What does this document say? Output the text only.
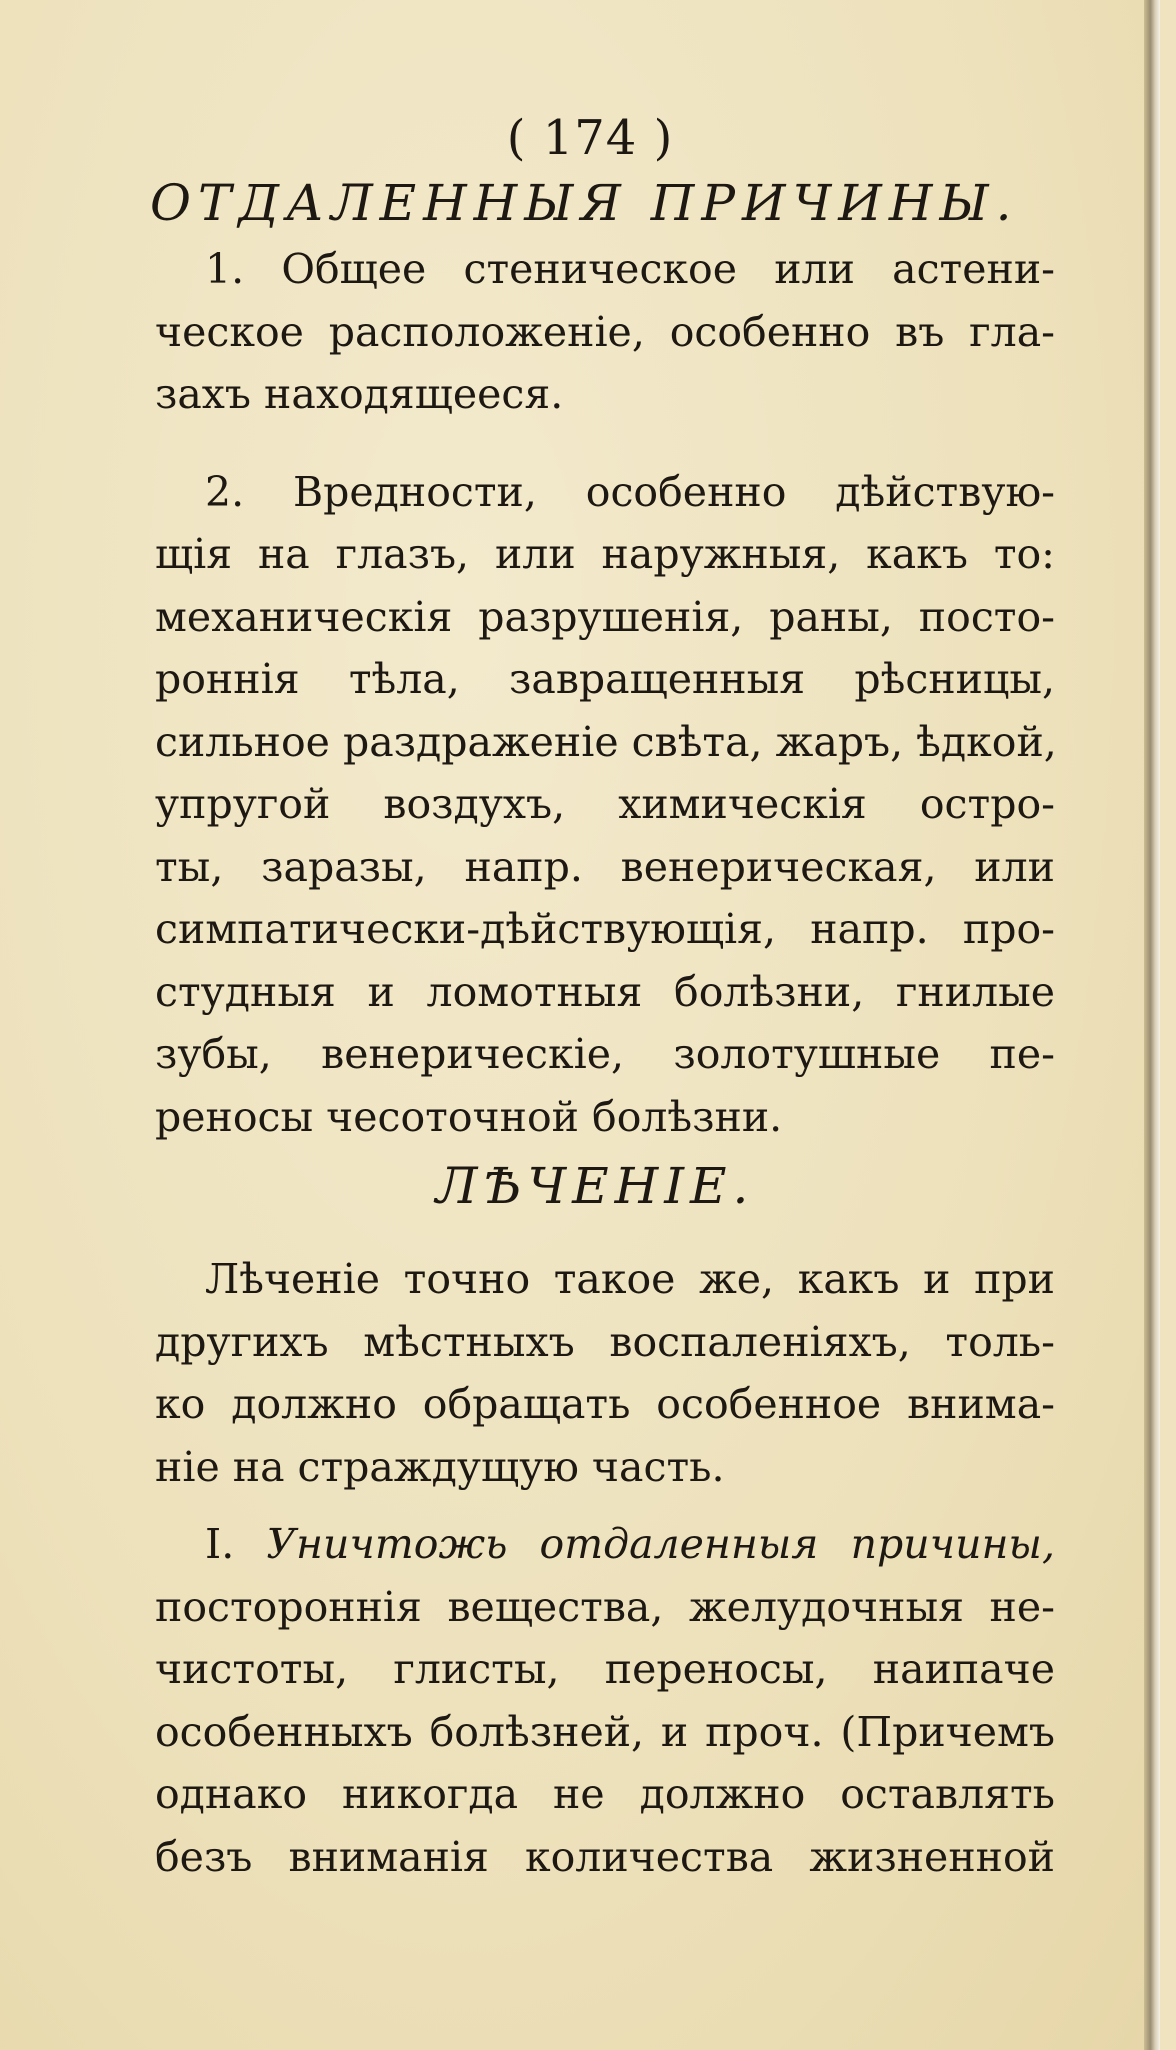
( 174 )
ОТДАЛЕННЫЯ ПРИЧИНЫ.
1. Общее стеническое или астени-
ческое расположеніе, особенно въ гла-
захъ находящееся.
2. Вредности, особенно дѣйствую-
щія на глазъ, или наружныя, какъ то:
механическія разрушенія, раны, посто-
роннія тѣла, завращенныя рѣсницы,
сильное раздраженіе свѣта, жаръ, ѣдкой,
упругой воздухъ, химическія остро-
ты, заразы, напр. венерическая, или
симпатически-дѣйствующія, напр. про-
студныя и ломотныя болѣзни, гнилые
зубы, венерическіе, золотушные пе-
реносы чесоточной болѣзни.
ЛѢЧЕНІЕ.
Лѣченіе точно такое же, какъ и при
другихъ мѣстныхъ воспаленіяхъ, толь-
ко должно обращать особенное внима-
ніе на страждущую часть.
I. Уничтожь отдаленныя причины,
постороннія вещества, желудочныя не-
чистоты, глисты, переносы, наипаче
особенныхъ болѣзней, и проч. (Причемъ
однако никогда не должно оставлять
безъ вниманія количества жизненной
